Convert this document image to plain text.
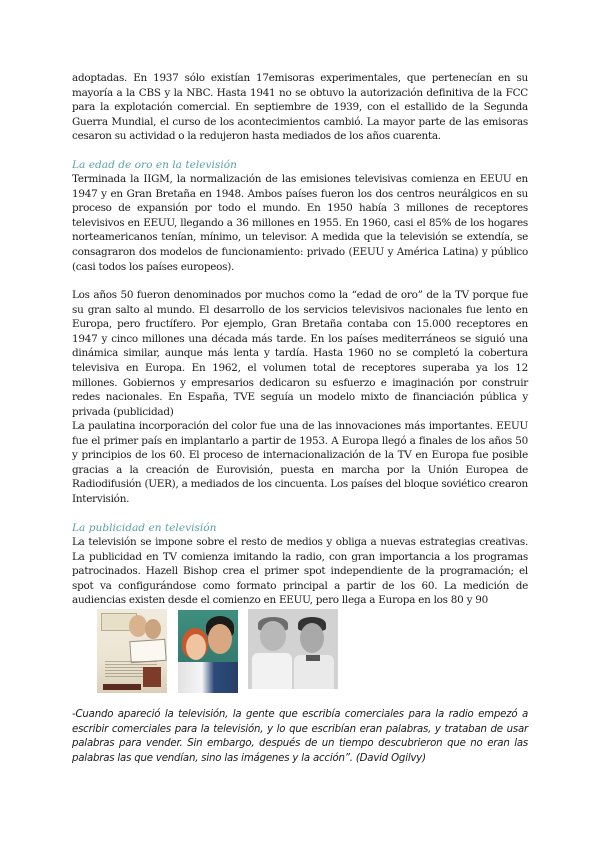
adoptadas. En 1937 sólo existían 17emisoras experimentales, que pertenecían en su mayoría a la CBS y la NBC. Hasta 1941 no se obtuvo la autorización definitiva de la FCC para la explotación comercial. En septiembre de 1939, con el estallido de la Segunda Guerra Mundial, el curso de los acontecimientos cambió. La mayor parte de las emisoras cesaron su actividad o la redujeron hasta mediados de los años cuarenta.

La edad de oro en la televisión

Terminada la IIGM, la normalización de las emisiones televisivas comienza en EEUU en 1947 y en Gran Bretaña en 1948. Ambos países fueron los dos centros neurálgicos en su proceso de expansión por todo el mundo. En 1950 había 3 millones de receptores televisivos en EEUU, llegando a 36 millones en 1955. En 1960, casi el 85% de los hogares norteamericanos tenían, mínimo, un televisor. A medida que la televisión se extendía, se consagraron dos modelos de funcionamiento: privado (EEUU y América Latina) y público (casi todos los países europeos).

Los años 50 fueron denominados por muchos como la “edad de oro” de la TV porque fue su gran salto al mundo. El desarrollo de los servicios televisivos nacionales fue lento en Europa, pero fructífero. Por ejemplo, Gran Bretaña contaba con 15.000 receptores en 1947 y cinco millones una década más tarde. En los países mediterráneos se siguió una dinámica similar, aunque más lenta y tardía. Hasta 1960 no se completó la cobertura televisiva en Europa. En 1962, el volumen total de receptores superaba ya los 12 millones. Gobiernos y empresarios dedicaron su esfuerzo e imaginación por construir redes nacionales. En España, TVE seguía un modelo mixto de financiación pública y privada (publicidad)

La paulatina incorporación del color fue una de las innovaciones más importantes. EEUU fue el primer país en implantarlo a partir de 1953. A Europa llegó a finales de los años 50 y principios de los 60. El proceso de internacionalización de la TV en Europa fue posible gracias a la creación de Eurovisión, puesta en marcha por la Unión Europea de Radiodifusión (UER), a mediados de los cincuenta. Los países del bloque soviético crearon Intervisión.

La publicidad en televisión

La televisión se impone sobre el resto de medios y obliga a nuevas estrategias creativas. La publicidad en TV comienza imitando la radio, con gran importancia a los programas patrocinados. Hazell Bishop crea el primer spot independiente de la programación; el spot va configurándose como formato principal a partir de los 60. La medición de audiencias existen desde el comienzo en EEUU, pero llega a Europa en los 80 y 90

-Cuando apareció la televisión, la gente que escribía comerciales para la radio empezó a escribir comerciales para la televisión, y lo que escribían eran palabras, y trataban de usar palabras para vender. Sin embargo, después de un tiempo descubrieron que no eran las palabras las que vendían, sino las imágenes y la acción”. (David Ogilvy)
